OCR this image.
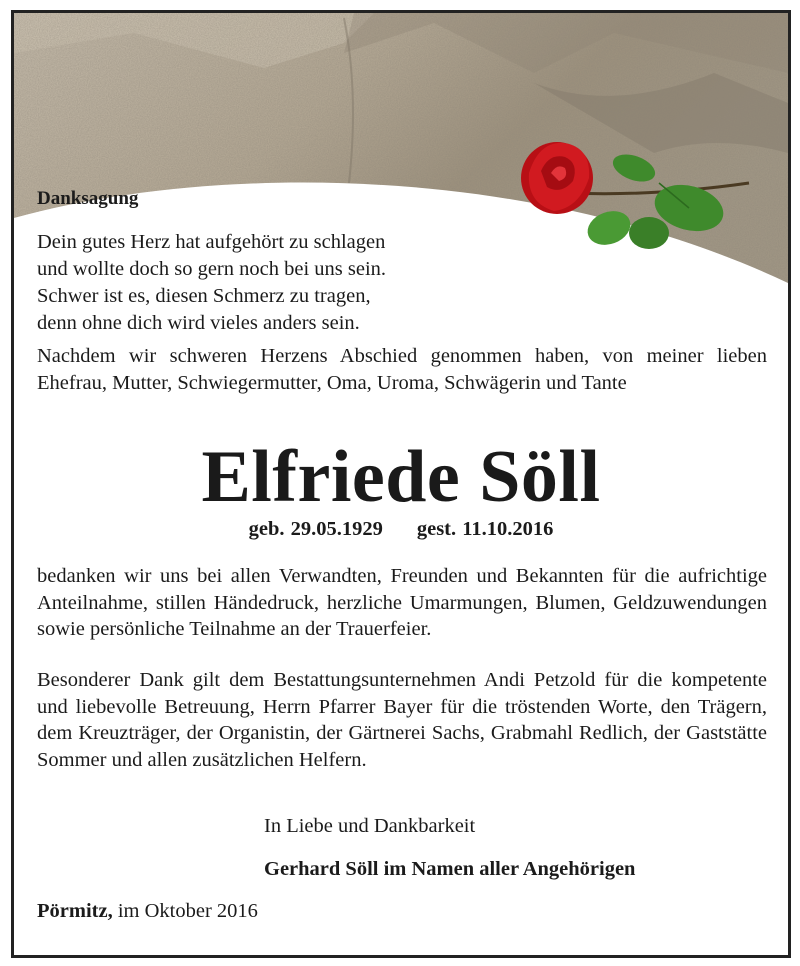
Danksagung
Dein gutes Herz hat aufgehört zu schlagen
und wollte doch so gern noch bei uns sein.
Schwer ist es, diesen Schmerz zu tragen,
denn ohne dich wird vieles anders sein.
Nachdem wir schweren Herzens Abschied genommen haben, von meiner lieben Ehefrau, Mutter, Schwiegermutter, Oma, Uroma, Schwägerin und Tante
Elfriede Söll
geb. 29.05.1929 gest. 11.10.2016
bedanken wir uns bei allen Verwandten, Freunden und Bekannten für die aufrichtige Anteilnahme, stillen Händedruck, herzliche Umarmungen, Blumen, Geldzuwendungen sowie persönliche Teilnahme an der Trauerfeier.
Besonderer Dank gilt dem Bestattungsunternehmen Andi Petzold für die kompetente und liebevolle Betreuung, Herrn Pfarrer Bayer für die tröstenden Worte, den Trägern, dem Kreuzträger, der Organistin, der Gärtnerei Sachs, Grabmahl Redlich, der Gaststätte Sommer und allen zusätzlichen Helfern.
In Liebe und Dankbarkeit
Gerhard Söll im Namen aller Angehörigen
Pörmitz, im Oktober 2016
